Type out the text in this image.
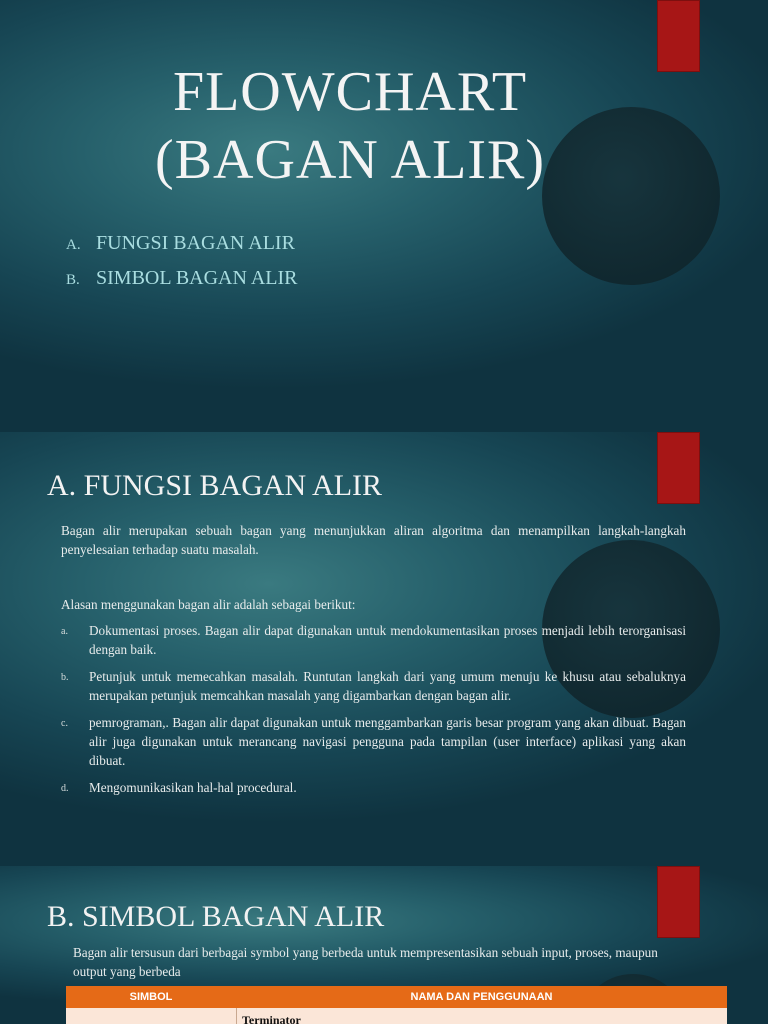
FLOWCHART
(BAGAN ALIR)
A. FUNGSI BAGAN ALIR
B. SIMBOL BAGAN ALIR
A. FUNGSI BAGAN ALIR
Bagan alir merupakan sebuah bagan yang menunjukkan aliran algoritma dan menampilkan langkah-langkah penyelesaian terhadap suatu masalah.
Alasan menggunakan bagan alir adalah sebagai berikut:
a.	Dokumentasi proses. Bagan alir dapat digunakan untuk mendokumentasikan proses menjadi lebih terorganisasi dengan baik.
b.	Petunjuk untuk memecahkan masalah. Runtutan langkah dari yang umum menuju ke khusu atau sebaluknya merupakan petunjuk memcahkan masalah yang digambarkan dengan bagan alir.
c.	pemrograman,. Bagan alir dapat digunakan untuk menggambarkan garis besar program yang akan dibuat. Bagan alir juga digunakan untuk merancang navigasi pengguna pada tampilan (user interface) aplikasi yang akan dibuat.
d.	Mengomunikasikan hal-hal procedural.
B. SIMBOL BAGAN ALIR
Bagan alir tersusun dari berbagai symbol yang berbeda untuk mempresentasikan sebuah input, proses, maupun output yang berbeda
SIMBOL	NAMA DAN PENGGUNAAN
Terminator
